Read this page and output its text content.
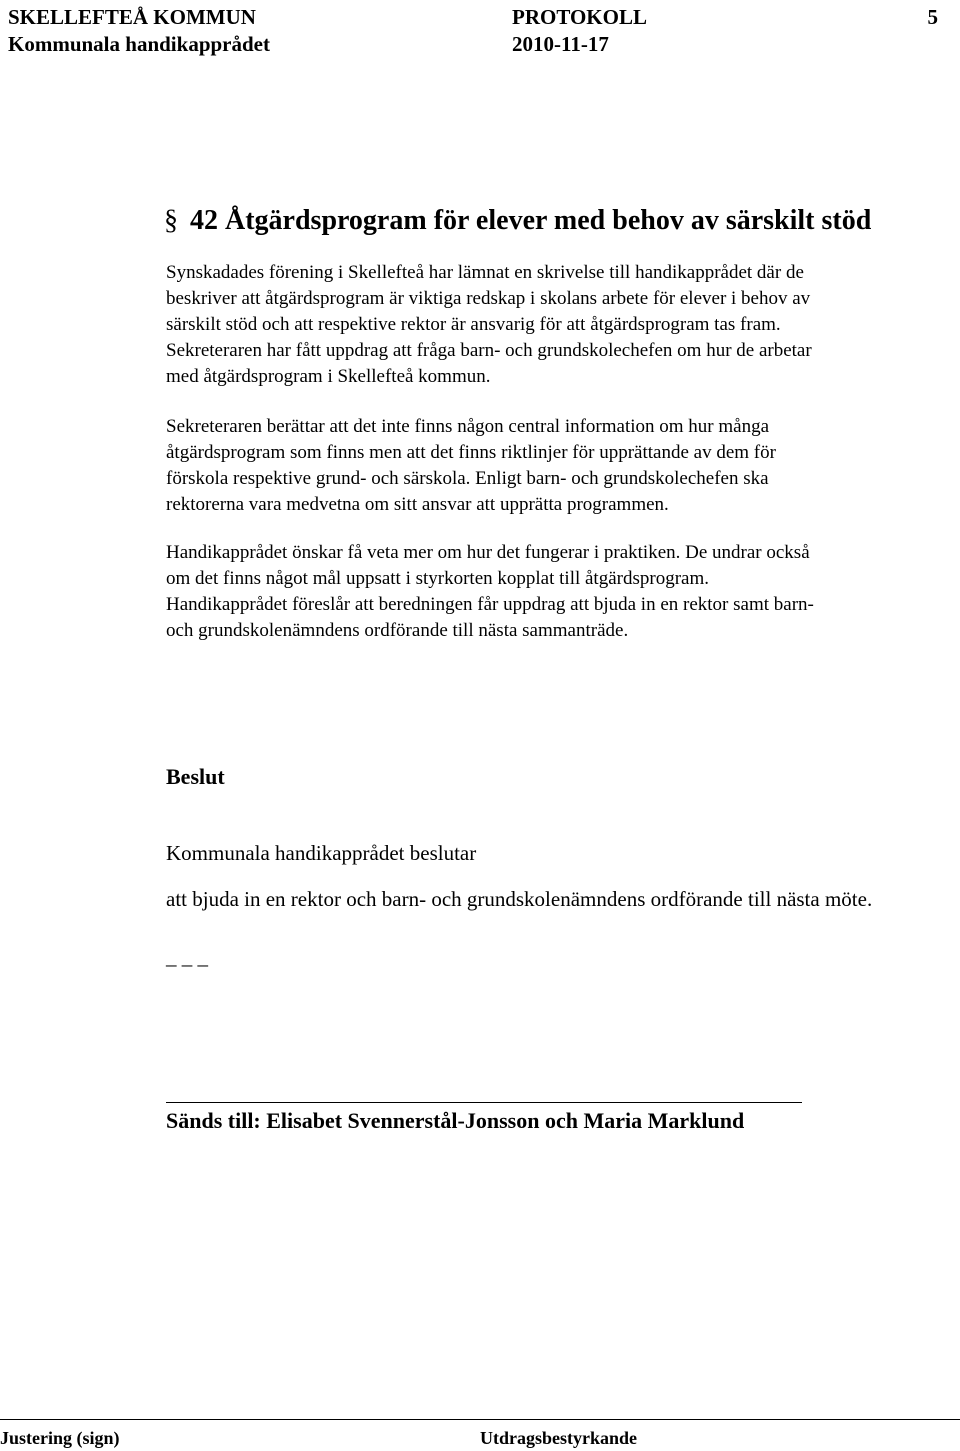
SKELLEFTEÅ KOMMUN	PROTOKOLL	5
Kommunala handikapprådet	2010-11-17
§ 42 Åtgärdsprogram för elever med behov av särskilt stöd
Synskadades förening i Skellefteå har lämnat en skrivelse till handikapprådet där de
beskriver att åtgärdsprogram är viktiga redskap i skolans arbete för elever i behov av
särskilt stöd och att respektive rektor är ansvarig för att åtgärdsprogram tas fram.
Sekreteraren har fått uppdrag att fråga barn- och grundskolechefen om hur de arbetar
med åtgärdsprogram i Skellefteå kommun.
Sekreteraren berättar att det inte finns någon central information om hur många
åtgärdsprogram som finns men att det finns riktlinjer för upprättande av dem för
förskola respektive grund- och särskola. Enligt barn- och grundskolechefen ska
rektorerna vara medvetna om sitt ansvar att upprätta programmen.
Handikapprådet önskar få veta mer om hur det fungerar i praktiken. De undrar också
om det finns något mål uppsatt i styrkorten kopplat till åtgärdsprogram.
Handikapprådet föreslår att beredningen får uppdrag att bjuda in en rektor samt barn-
och grundskolenämndens ordförande till nästa sammanträde.
Beslut
Kommunala handikapprådet beslutar
att bjuda in en rektor och barn- och grundskolenämndens ordförande till nästa möte.
_ _ _
Sänds till: Elisabet Svennerstål-Jonsson och Maria Marklund
Justering (sign)	Utdragsbestyrkande
